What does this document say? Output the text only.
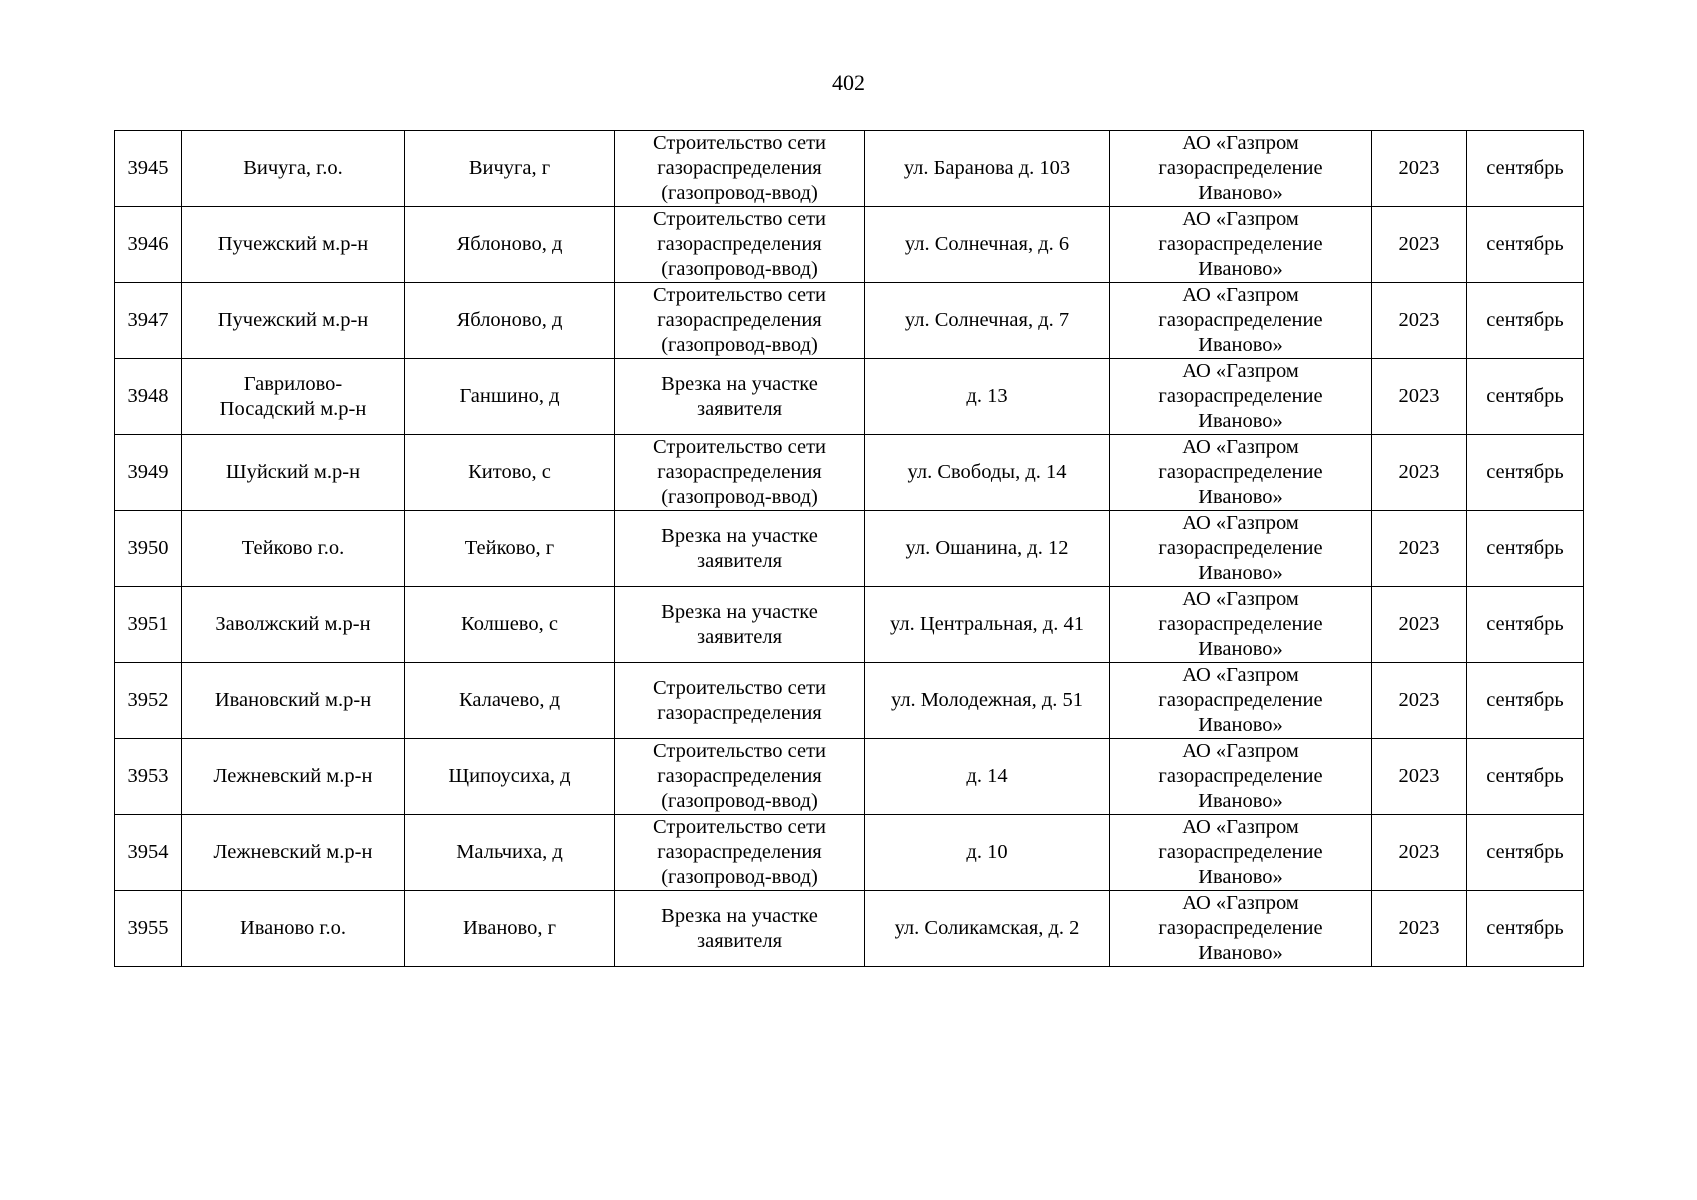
402
3945	Вичуга, г.о.	Вичуга, г	Строительство сети
газораспределения
(газопровод-ввод)	ул. Баранова д. 103	АО «Газпром
газораспределение
Иваново»	2023	сентябрь
3946	Пучежский м.р-н	Яблоново, д	Строительство сети
газораспределения
(газопровод-ввод)	ул. Солнечная, д. 6	АО «Газпром
газораспределение
Иваново»	2023	сентябрь
3947	Пучежский м.р-н	Яблоново, д	Строительство сети
газораспределения
(газопровод-ввод)	ул. Солнечная, д. 7	АО «Газпром
газораспределение
Иваново»	2023	сентябрь
3948	Гаврилово-
Посадский м.р-н	Ганшино, д	Врезка на участке
заявителя	д. 13	АО «Газпром
газораспределение
Иваново»	2023	сентябрь
3949	Шуйский м.р-н	Китово, с	Строительство сети
газораспределения
(газопровод-ввод)	ул. Свободы, д. 14	АО «Газпром
газораспределение
Иваново»	2023	сентябрь
3950	Тейково г.о.	Тейково, г	Врезка на участке
заявителя	ул. Ошанина, д. 12	АО «Газпром
газораспределение
Иваново»	2023	сентябрь
3951	Заволжский м.р-н	Колшево, с	Врезка на участке
заявителя	ул. Центральная, д. 41	АО «Газпром
газораспределение
Иваново»	2023	сентябрь
3952	Ивановский м.р-н	Калачево, д	Строительство сети
газораспределения	ул. Молодежная, д. 51	АО «Газпром
газораспределение
Иваново»	2023	сентябрь
3953	Лежневский м.р-н	Щипоусиха, д	Строительство сети
газораспределения
(газопровод-ввод)	д. 14	АО «Газпром
газораспределение
Иваново»	2023	сентябрь
3954	Лежневский м.р-н	Мальчиха, д	Строительство сети
газораспределения
(газопровод-ввод)	д. 10	АО «Газпром
газораспределение
Иваново»	2023	сентябрь
3955	Иваново г.о.	Иваново, г	Врезка на участке
заявителя	ул. Соликамская, д. 2	АО «Газпром
газораспределение
Иваново»	2023	сентябрь
